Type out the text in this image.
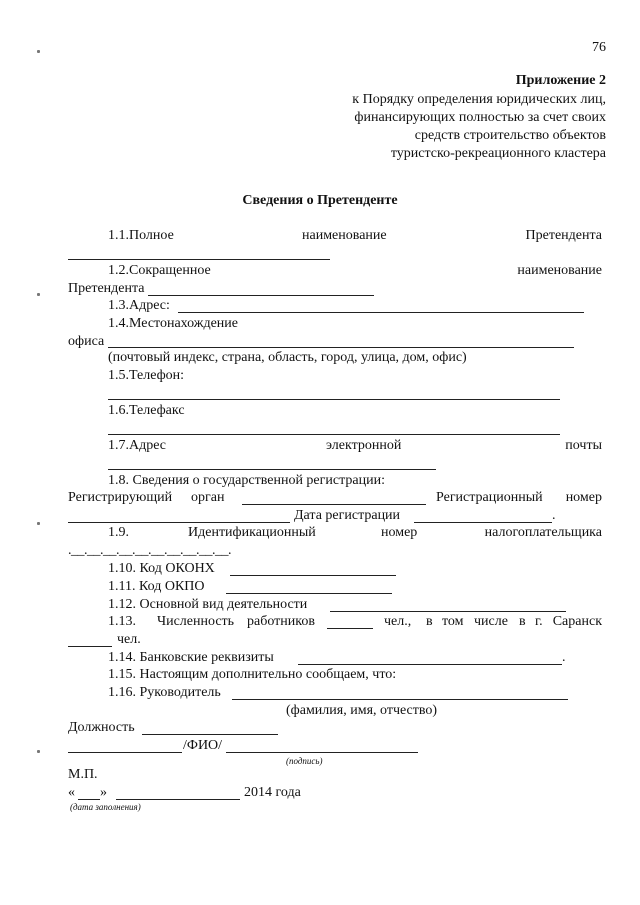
76
Приложение 2
к Порядку определения юридических лиц,
финансирующих полностью за счет своих
средств строительство объектов
туристско-рекреационного кластера
Сведения о Претенденте
1.1.Полное	наименование	Претендента
1.2.Сокращенное	наименование
Претендента
1.3.Адрес:
1.4.Местонахождение
офиса
(почтовый индекс, страна, область, город, улица, дом, офис)
1.5.Телефон:
1.6.Телефакс
1.7.Адрес	электронной	почты
1.8. Сведения о государственной регистрации:
Регистрирующий орган	Регистрационный номер
Дата регистрации	.
1.9.	Идентификационный	номер	налогоплательщика
.__.__.__.__.__.__.__.__.__.__.
1.10. Код ОКОНХ
1.11. Код ОКПО
1.12. Основной вид деятельности
1.13. Численность работников	чел., в том числе в г. Саранск
чел.
1.14. Банковские реквизиты	.
1.15. Настоящим дополнительно сообщаем, что:
1.16. Руководитель
(фамилия, имя, отчество)
Должность
/ФИО/
(подпись)
М.П.
« »	2014 года
(дата заполнения)
